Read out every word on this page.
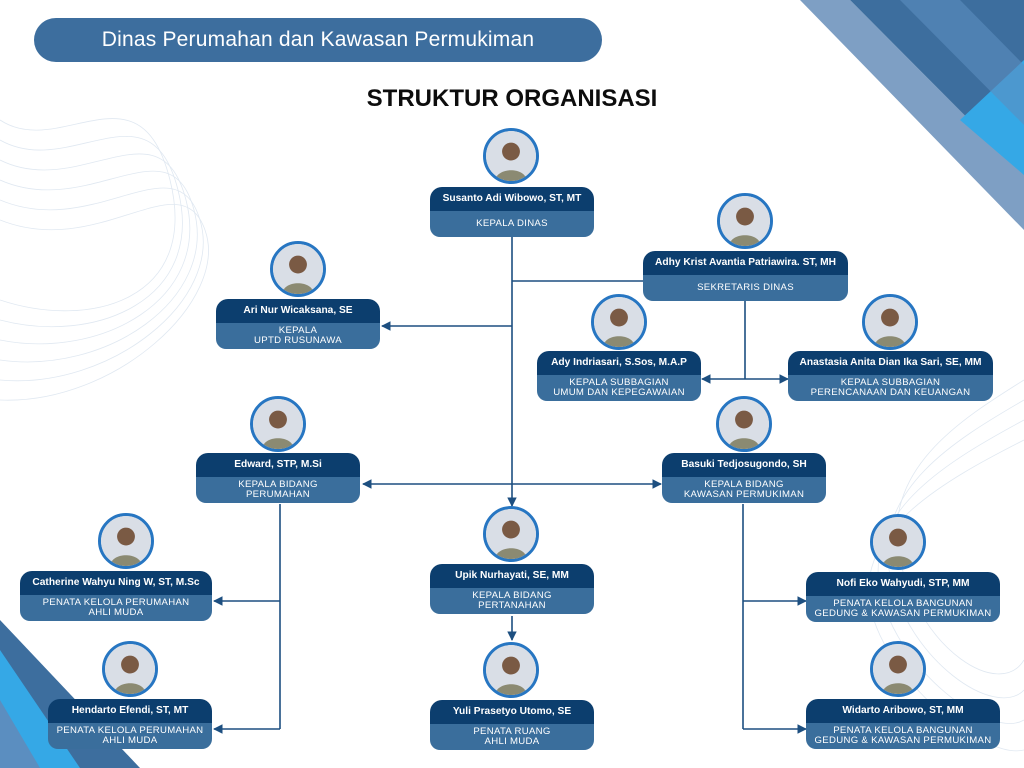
Dinas Perumahan dan Kawasan Permukiman
STRUKTUR ORGANISASI
Susanto Adi Wibowo, ST, MT
KEPALA DINAS
Adhy Krist Avantia Patriawira. ST, MH
SEKRETARIS DINAS
Ari Nur Wicaksana, SE
KEPALA
UPTD RUSUNAWA
Ady Indriasari, S.Sos, M.A.P
KEPALA SUBBAGIAN
UMUM DAN KEPEGAWAIAN
Anastasia Anita Dian Ika Sari, SE, MM
KEPALA SUBBAGIAN
PERENCANAAN DAN KEUANGAN
Edward, STP, M.Si
KEPALA BIDANG
PERUMAHAN
Basuki Tedjosugondo, SH
KEPALA BIDANG
KAWASAN PERMUKIMAN
Upik Nurhayati, SE, MM
KEPALA BIDANG
PERTANAHAN
Catherine Wahyu Ning W, ST, M.Sc
PENATA KELOLA PERUMAHAN
AHLI MUDA
Hendarto Efendi, ST, MT
PENATA KELOLA PERUMAHAN
AHLI MUDA
Yuli Prasetyo Utomo, SE
PENATA RUANG
AHLI MUDA
Nofi Eko Wahyudi, STP, MM
PENATA KELOLA BANGUNAN
GEDUNG & KAWASAN PERMUKIMAN
Widarto Aribowo, ST, MM
PENATA KELOLA BANGUNAN
GEDUNG & KAWASAN PERMUKIMAN
